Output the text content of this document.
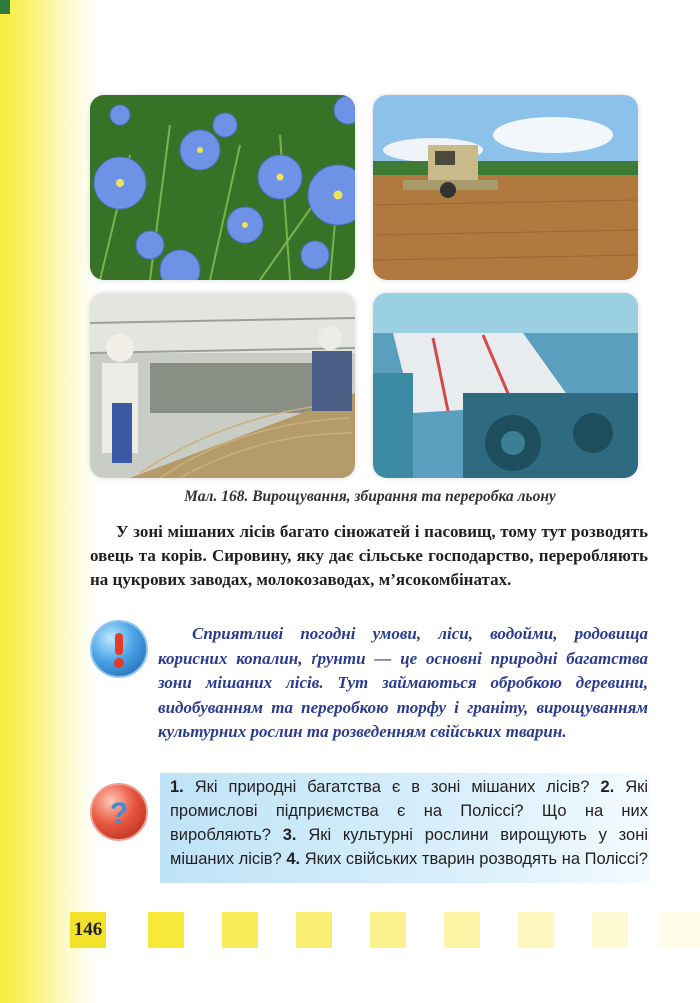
Мал. 168. Вирощування, збирання та переробка льону

У зоні мішаних лісів багато сіножатей і пасовищ, тому тут розводять овець та корів. Сировину, яку дає сільське господарство, переробляють на цукрових заводах, молокозаводах, м’ясокомбінатах.

Сприятливі погодні умови, ліси, водойми, родовища корисних копалин, ґрунти — це основні природні багатства зони мішаних лісів. Тут займаються обробкою деревини, видобуванням та переробкою торфу і граніту, вирощуванням культурних рослин та розведенням свійських тварин.
?
1. Які природні багатства є в зоні мішаних лісів? 2. Які промислові підприємства є на Поліссі? Що на них виробляють? 3. Які культурні рослини вирощують у зоні мішаних лісів? 4. Яких свійських тварин розводять на Поліссі?
146
